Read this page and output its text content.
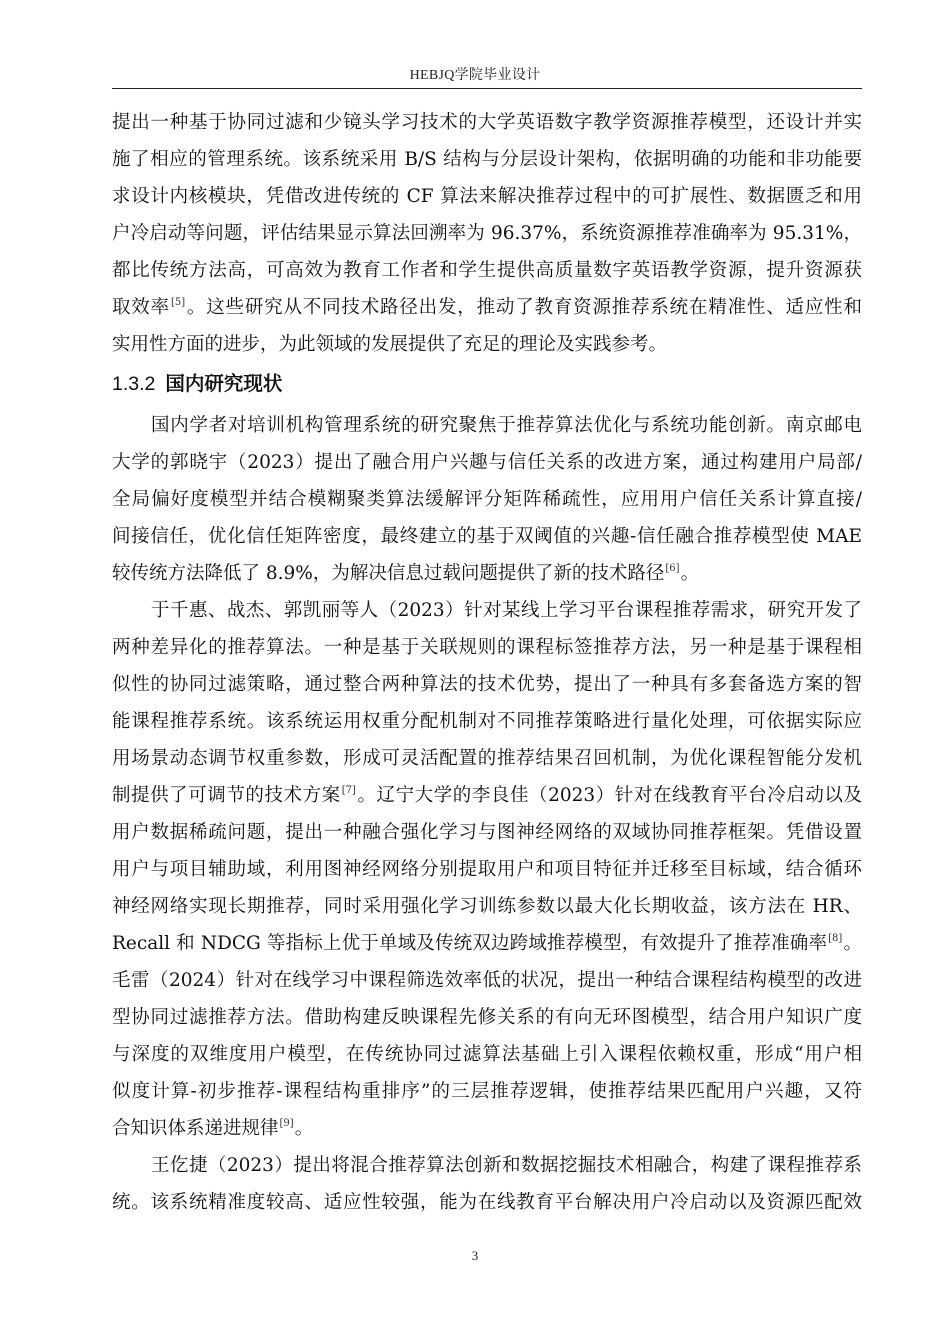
HEBJQ学院毕业设计
提出一种基于协同过滤和少镜头学习技术的大学英语数字教学资源推荐模型，还设计并实
施了相应的管理系统。该系统采用 B/S 结构与分层设计架构，依据明确的功能和非功能要
求设计内核模块，凭借改进传统的 CF 算法来解决推荐过程中的可扩展性、数据匮乏和用
户冷启动等问题，评估结果显示算法回溯率为 96.37%，系统资源推荐准确率为 95.31%，
都比传统方法高，可高效为教育工作者和学生提供高质量数字英语教学资源，提升资源获
取效率[5]。这些研究从不同技术路径出发，推动了教育资源推荐系统在精准性、适应性和
实用性方面的进步，为此领域的发展提供了充足的理论及实践参考。
1.3.2 国内研究现状
国内学者对培训机构管理系统的研究聚焦于推荐算法优化与系统功能创新。南京邮电
大学的郭晓宇（2023）提出了融合用户兴趣与信任关系的改进方案，通过构建用户局部/
全局偏好度模型并结合模糊聚类算法缓解评分矩阵稀疏性，应用用户信任关系计算直接/
间接信任，优化信任矩阵密度，最终建立的基于双阈值的兴趣-信任融合推荐模型使 MAE
较传统方法降低了 8.9%，为解决信息过载问题提供了新的技术路径[6]。
于千惠、战杰、郭凯丽等人（2023）针对某线上学习平台课程推荐需求，研究开发了
两种差异化的推荐算法。一种是基于关联规则的课程标签推荐方法，另一种是基于课程相
似性的协同过滤策略，通过整合两种算法的技术优势，提出了一种具有多套备选方案的智
能课程推荐系统。该系统运用权重分配机制对不同推荐策略进行量化处理，可依据实际应
用场景动态调节权重参数，形成可灵活配置的推荐结果召回机制，为优化课程智能分发机
制提供了可调节的技术方案[7]。辽宁大学的李良佳（2023）针对在线教育平台冷启动以及
用户数据稀疏问题，提出一种融合强化学习与图神经网络的双域协同推荐框架。凭借设置
用户与项目辅助域，利用图神经网络分别提取用户和项目特征并迁移至目标域，结合循环
神经网络实现长期推荐，同时采用强化学习训练参数以最大化长期收益，该方法在 HR、
Recall 和 NDCG 等指标上优于单域及传统双边跨域推荐模型，有效提升了推荐准确率[8]。
毛雷（2024）针对在线学习中课程筛选效率低的状况，提出一种结合课程结构模型的改进
型协同过滤推荐方法。借助构建反映课程先修关系的有向无环图模型，结合用户知识广度
与深度的双维度用户模型，在传统协同过滤算法基础上引入课程依赖权重，形成“用户相
似度计算-初步推荐-课程结构重排序”的三层推荐逻辑，使推荐结果匹配用户兴趣，又符
合知识体系递进规律[9]。
王仡捷（2023）提出将混合推荐算法创新和数据挖掘技术相融合，构建了课程推荐系
统。该系统精准度较高、适应性较强，能为在线教育平台解决用户冷启动以及资源匹配效
3
